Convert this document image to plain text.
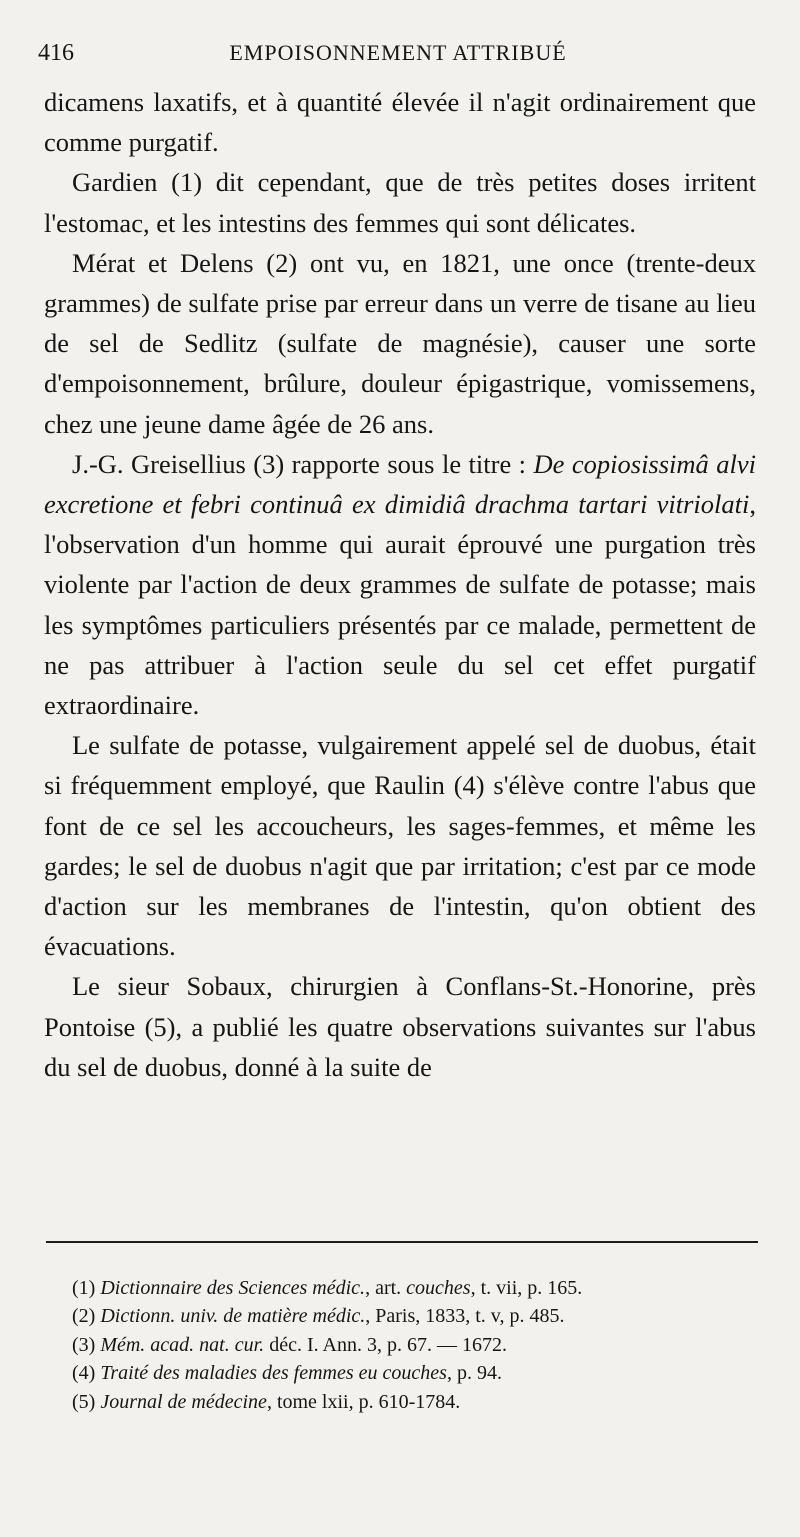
416	EMPOISONNEMENT ATTRIBUÉ

dicamens laxatifs, et à quantité élevée il n'agit ordinairement que comme purgatif.

Gardien (1) dit cependant, que de très petites doses irritent l'estomac, et les intestins des femmes qui sont délicates.

Mérat et Delens (2) ont vu, en 1821, une once (trente-deux grammes) de sulfate prise par erreur dans un verre de tisane au lieu de sel de Sedlitz (sulfate de magnésie), causer une sorte d'empoisonnement, brûlure, douleur épigastrique, vomissemens, chez une jeune dame âgée de 26 ans.

J.-G. Greisellius (3) rapporte sous le titre : De copiosissimâ alvi excretione et febri continuâ ex dimidiâ drachma tartari vitriolati, l'observation d'un homme qui aurait éprouvé une purgation très violente par l'action de deux grammes de sulfate de potasse; mais les symptômes particuliers présentés par ce malade, permettent de ne pas attribuer à l'action seule du sel cet effet purgatif extraordinaire.

Le sulfate de potasse, vulgairement appelé sel de duobus, était si fréquemment employé, que Raulin (4) s'élève contre l'abus que font de ce sel les accoucheurs, les sages-femmes, et même les gardes; le sel de duobus n'agit que par irritation; c'est par ce mode d'action sur les membranes de l'intestin, qu'on obtient des évacuations.

Le sieur Sobaux, chirurgien à Conflans-St.-Honorine, près Pontoise (5), a publié les quatre observations suivantes sur l'abus du sel de duobus, donné à la suite de

(1) Dictionnaire des Sciences médic., art. couches, t. vii, p. 165.
(2) Dictionn. univ. de matière médic., Paris, 1833, t. v, p. 485.
(3) Mém. acad. nat. cur. déc. I. Ann. 3, p. 67. — 1672.
(4) Traité des maladies des femmes eu couches, p. 94.
(5) Journal de médecine, tome lxii, p. 610-1784.
